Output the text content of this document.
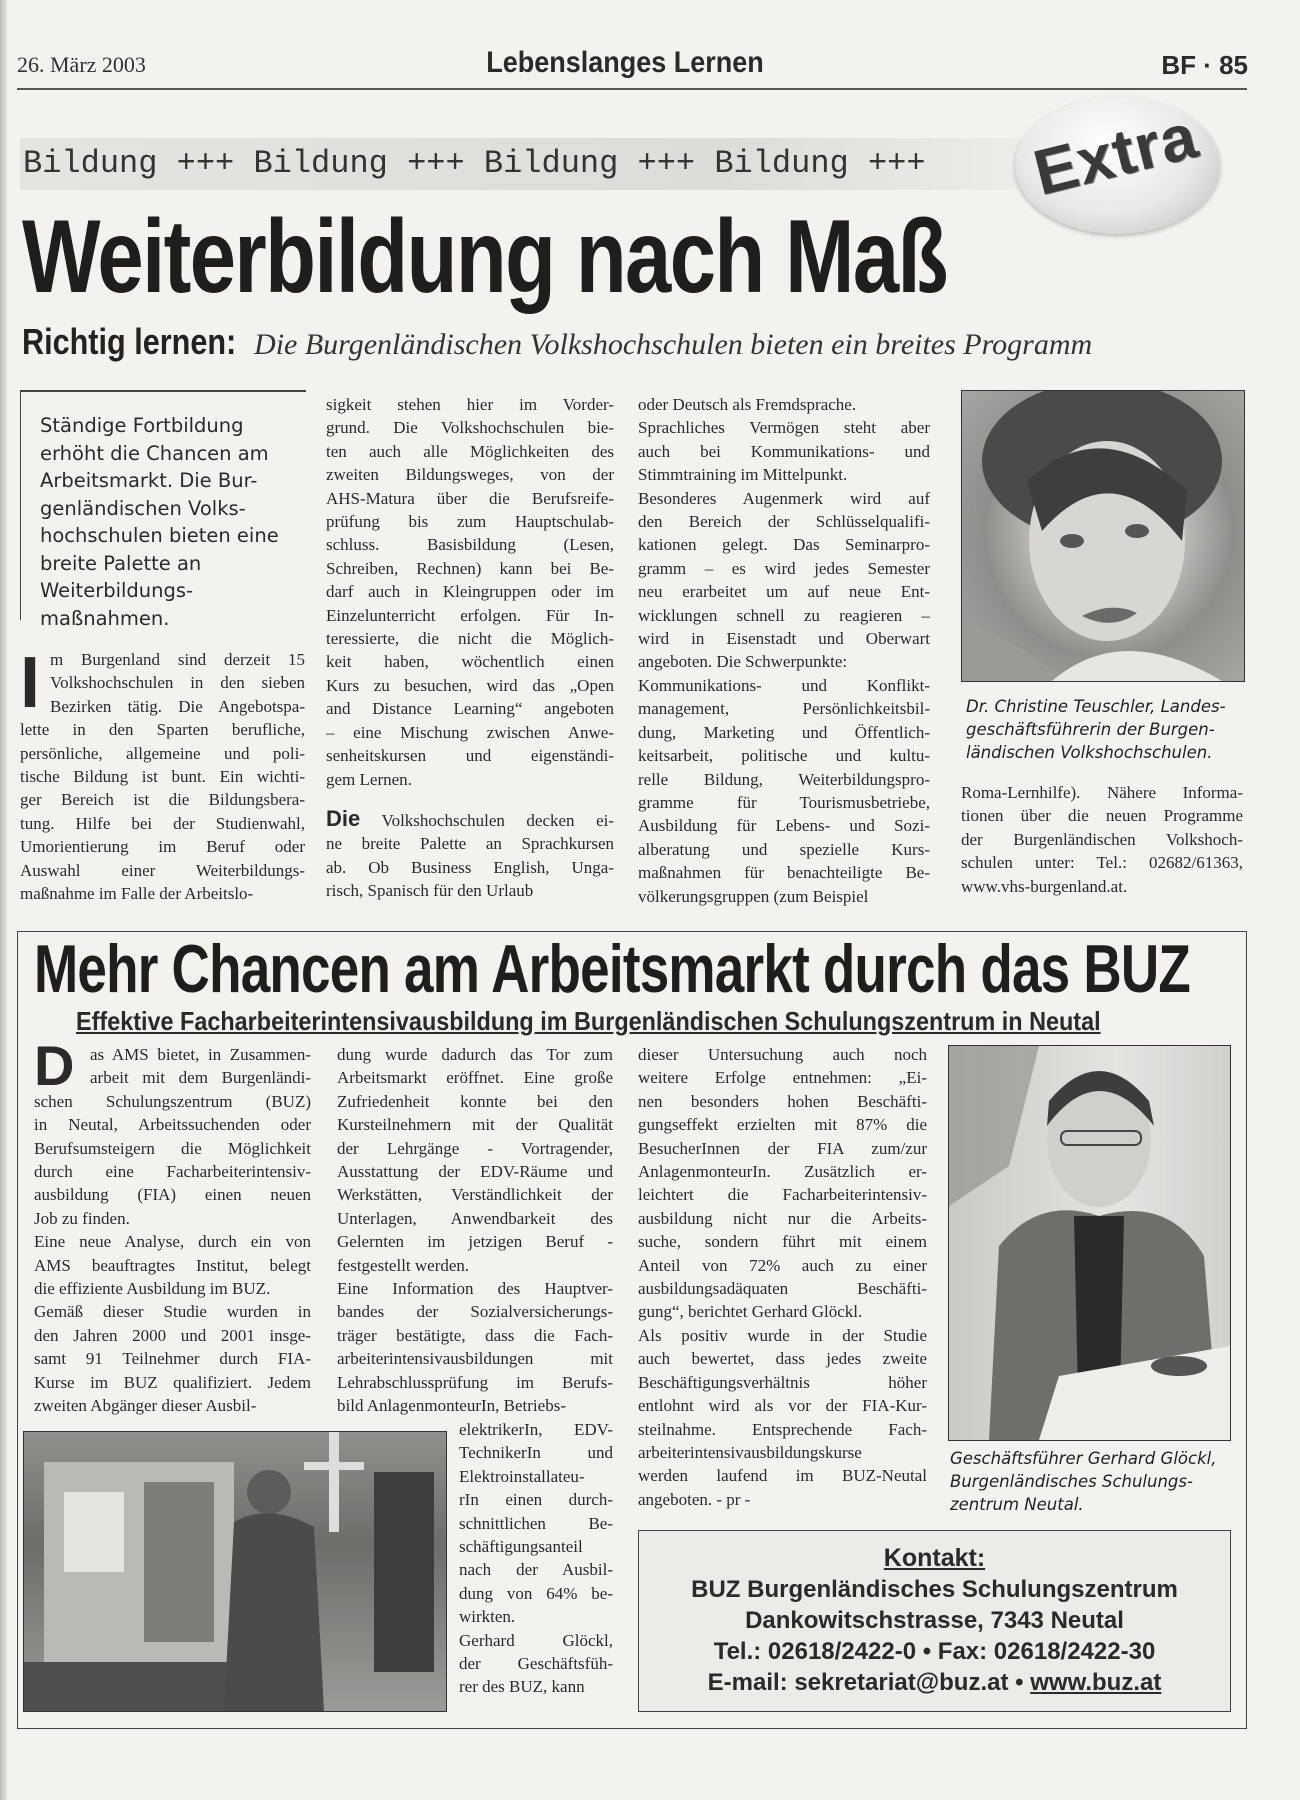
26. März 2003	Lebenslanges Lernen	BF · 85
Bildung +++ Bildung +++ Bildung +++ Bildung +++ Extra
Weiterbildung nach Maß
Richtig lernen: Die Burgenländischen Volkshochschulen bieten ein breites Programm
Ständige Fortbildung
erhöht die Chancen am
Arbeitsmarkt. Die Bur-
genländischen Volks-
hochschulen bieten eine
breite Palette an
Weiterbildungs-
maßnahmen.
I m Burgenland sind derzeit 15
Volkshochschulen in den sieben
Bezirken tätig. Die Angebotspa-
lette in den Sparten berufliche,
persönliche, allgemeine und poli-
tische Bildung ist bunt. Ein wichti-
ger Bereich ist die Bildungsbera-
tung. Hilfe bei der Studienwahl,
Umorientierung im Beruf oder
Auswahl einer Weiterbildungs-
maßnahme im Falle der Arbeitslo-
sigkeit stehen hier im Vorder-
grund. Die Volkshochschulen bie-
ten auch alle Möglichkeiten des
zweiten Bildungsweges, von der
AHS-Matura über die Berufsreife-
prüfung bis zum Hauptschulab-
schluss. Basisbildung (Lesen,
Schreiben, Rechnen) kann bei Be-
darf auch in Kleingruppen oder im
Einzelunterricht erfolgen. Für In-
teressierte, die nicht die Möglich-
keit haben, wöchentlich einen
Kurs zu besuchen, wird das „Open
and Distance Learning“ angeboten
– eine Mischung zwischen Anwe-
senheitskursen und eigenständi-
gem Lernen.
Die Volkshochschulen decken ei-
ne breite Palette an Sprachkursen
ab. Ob Business English, Unga-
risch, Spanisch für den Urlaub
oder Deutsch als Fremdsprache.
Sprachliches Vermögen steht aber
auch bei Kommunikations- und
Stimmtraining im Mittelpunkt.
Besonderes Augenmerk wird auf
den Bereich der Schlüsselqualifi-
kationen gelegt. Das Seminarpro-
gramm – es wird jedes Semester
neu erarbeitet um auf neue Ent-
wicklungen schnell zu reagieren –
wird in Eisenstadt und Oberwart
angeboten. Die Schwerpunkte:
Kommunikations- und Konflikt-
management, Persönlichkeitsbil-
dung, Marketing und Öffentlich-
keitsarbeit, politische und kultu-
relle Bildung, Weiterbildungspro-
gramme für Tourismusbetriebe,
Ausbildung für Lebens- und Sozi-
alberatung und spezielle Kurs-
maßnahmen für benachteiligte Be-
völkerungsgruppen (zum Beispiel
Dr. Christine Teuschler, Landes-
geschäftsführerin der Burgen-
ländischen Volkshochschulen.
Roma-Lernhilfe). Nähere Informa-
tionen über die neuen Programme
der Burgenländischen Volkshoch-
schulen unter: Tel.: 02682/61363,
www.vhs-burgenland.at.
Mehr Chancen am Arbeitsmarkt durch das BUZ
Effektive Facharbeiterintensivausbildung im Burgenländischen Schulungszentrum in Neutal
D as AMS bietet, in Zusammen-
arbeit mit dem Burgenländi-
schen Schulungszentrum (BUZ)
in Neutal, Arbeitssuchenden oder
Berufsumsteigern die Möglichkeit
durch eine Facharbeiterintensiv-
ausbildung (FIA) einen neuen
Job zu finden.
Eine neue Analyse, durch ein von
AMS beauftragtes Institut, belegt
die effiziente Ausbildung im BUZ.
Gemäß dieser Studie wurden in
den Jahren 2000 und 2001 insge-
samt 91 Teilnehmer durch FIA-
Kurse im BUZ qualifiziert. Jedem
zweiten Abgänger dieser Ausbil-
dung wurde dadurch das Tor zum
Arbeitsmarkt eröffnet. Eine große
Zufriedenheit konnte bei den
Kursteilnehmern mit der Qualität
der Lehrgänge - Vortragender,
Ausstattung der EDV-Räume und
Werkstätten, Verständlichkeit der
Unterlagen, Anwendbarkeit des
Gelernten im jetzigen Beruf -
festgestellt werden.
Eine Information des Hauptver-
bandes der Sozialversicherungs-
träger bestätigte, dass die Fach-
arbeiterintensivausbildungen mit
Lehrabschlussprüfung im Berufs-
bild AnlagenmonteurIn, Betriebs-
elektrikerIn, EDV-
TechnikerIn und
Elektroinstallateu-
rIn einen durch-
schnittlichen Be-
schäftigungsanteil
nach der Ausbil-
dung von 64% be-
wirkten.
Gerhard Glöckl,
der Geschäftsfüh-
rer des BUZ, kann
dieser Untersuchung auch noch
weitere Erfolge entnehmen: „Ei-
nen besonders hohen Beschäfti-
gungseffekt erzielten mit 87% die
BesucherInnen der FIA zum/zur
AnlagenmonteurIn. Zusätzlich er-
leichtert die Facharbeiterintensiv-
ausbildung nicht nur die Arbeits-
suche, sondern führt mit einem
Anteil von 72% auch zu einer
ausbildungsadäquaten Beschäfti-
gung“, berichtet Gerhard Glöckl.
Als positiv wurde in der Studie
auch bewertet, dass jedes zweite
Beschäftigungsverhältnis höher
entlohnt wird als vor der FIA-Kur-
steilnahme. Entsprechende Fach-
arbeiterintensivausbildungskurse
werden laufend im BUZ-Neutal
angeboten. - pr -
Geschäftsführer Gerhard Glöckl,
Burgenländisches Schulungs-
zentrum Neutal.
Kontakt:
BUZ Burgenländisches Schulungszentrum
Dankowitschstrasse, 7343 Neutal
Tel.: 02618/2422-0 • Fax: 02618/2422-30
E-mail: sekretariat@buz.at • www.buz.at
